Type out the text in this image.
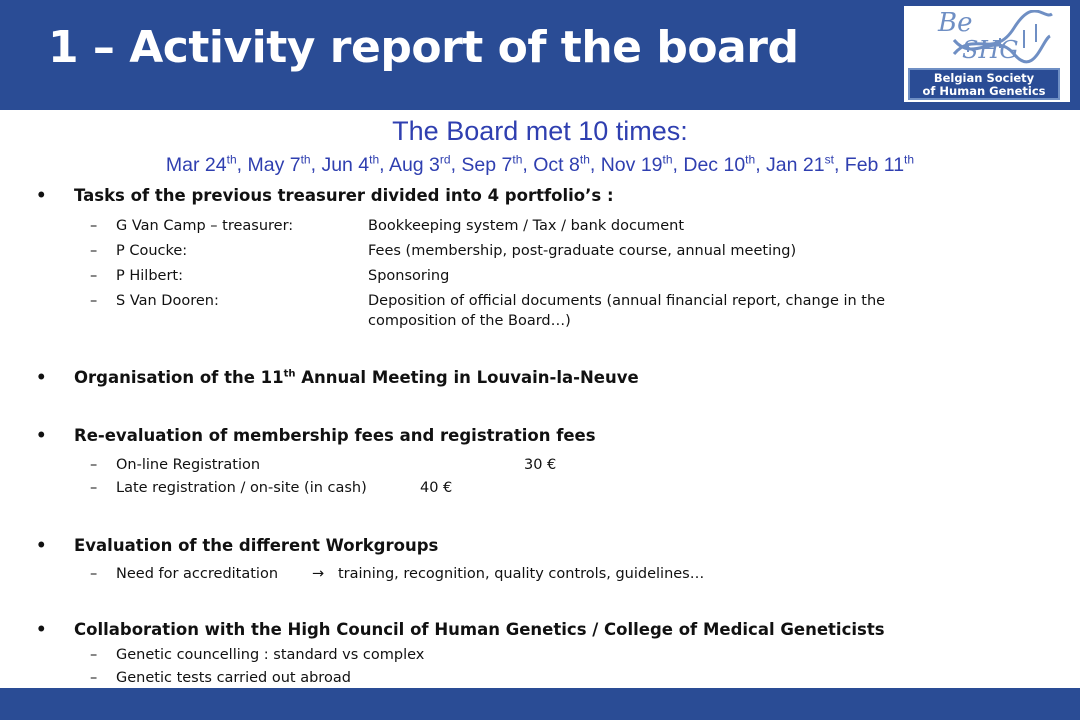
1 – Activity report of the board	Be
SHG
Belgian Society
of Human Genetics
The Board met 10 times:
Mar 24th, May 7th, Jun 4th, Aug 3rd, Sep 7th, Oct 8th, Nov 19th, Dec 10th, Jan 21st, Feb 11th
• Tasks of the previous treasurer divided into 4 portfolio’s :
– G Van Camp – treasurer:	Bookkeeping system / Tax / bank document
– P Coucke:	Fees (membership, post-graduate course, annual meeting)
– P Hilbert:	Sponsoring
– S Van Dooren:	Deposition of official documents (annual financial report, change in the
composition of the Board…)
• Organisation of the 11th Annual Meeting in Louvain-la-Neuve
• Re-evaluation of membership fees and registration fees
– On-line Registration	30 €
– Late registration / on-site (in cash)	40 €
• Evaluation of the different Workgroups
– Need for accreditation → training, recognition, quality controls, guidelines…
• Collaboration with the High Council of Human Genetics / College of Medical Geneticists
– Genetic councelling : standard vs complex
– Genetic tests carried out abroad
